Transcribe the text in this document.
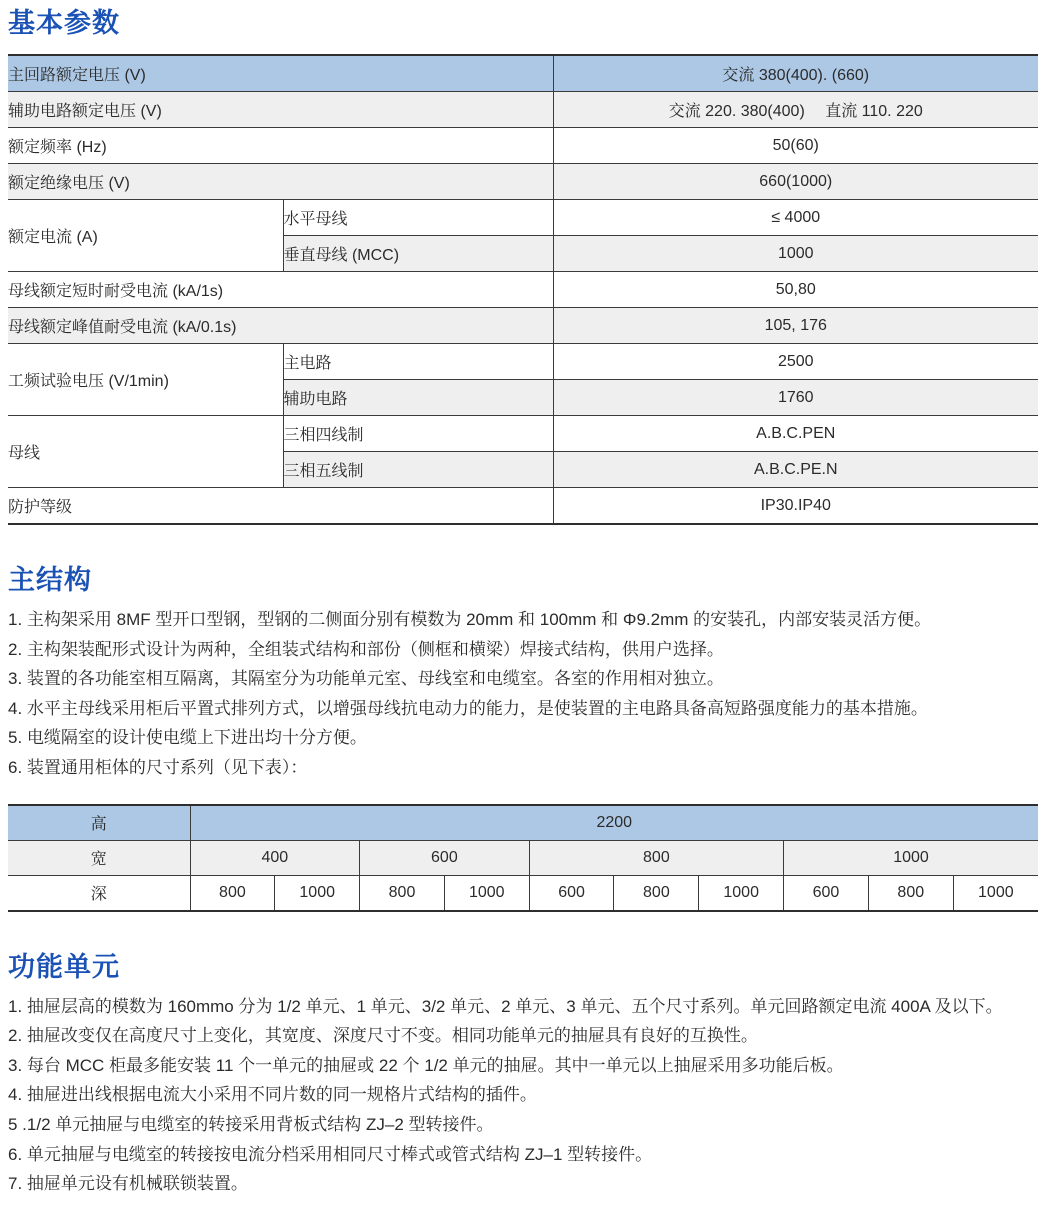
基本参数
主回路额定电压 (V)		交流 380(400). (660)
辅助电路额定电压 (V)		交流 220. 380(400)　 直流 110. 220
额定频率 (Hz)		50(60)
额定绝缘电压 (V)		660(1000)
额定电流 (A)	水平母线	≤ 4000
	垂直母线 (MCC)	1000
母线额定短时耐受电流 (kA/1s)		50,80
母线额定峰值耐受电流 (kA/0.1s)		105, 176
工频试验电压 (V/1min)	主电路	2500
	辅助电路	1760
母线	三相四线制	A.B.C.PEN
	三相五线制	A.B.C.PE.N
防护等级		IP30.IP40
主结构
1. 主构架采用 8MF 型开口型钢，型钢的二侧面分别有模数为 20mm 和 100mm 和 Φ9.2mm 的安装孔，内部安装灵活方便。
2. 主构架装配形式设计为两种，全组装式结构和部份（侧框和横梁）焊接式结构，供用户选择。
3. 装置的各功能室相互隔离，其隔室分为功能单元室、母线室和电缆室。各室的作用相对独立。
4. 水平主母线采用柜后平置式排列方式，以增强母线抗电动力的能力，是使装置的主电路具备高短路强度能力的基本措施。
5. 电缆隔室的设计使电缆上下进出均十分方便。
6. 装置通用柜体的尺寸系列（见下表）：
高	2200									
宽	400		600		800			1000		
深	800	1000	800	1000	600	800	1000	600	800	1000
功能单元
1. 抽屉层高的模数为 160mmo 分为 1/2 单元、1 单元、3/2 单元、2 单元、3 单元、五个尺寸系列。单元回路额定电流 400A 及以下。
2. 抽屉改变仅在高度尺寸上变化，其宽度、深度尺寸不变。相同功能单元的抽屉具有良好的互换性。
3. 每台 MCC 柜最多能安装 11 个一单元的抽屉或 22 个 1/2 单元的抽屉。其中一单元以上抽屉采用多功能后板。
4. 抽屉进出线根据电流大小采用不同片数的同一规格片式结构的插件。
5 .1/2 单元抽屉与电缆室的转接采用背板式结构 ZJ–2 型转接件。
6. 单元抽屉与电缆室的转接按电流分档采用相同尺寸棒式或管式结构 ZJ–1 型转接件。
7. 抽屉单元设有机械联锁装置。
